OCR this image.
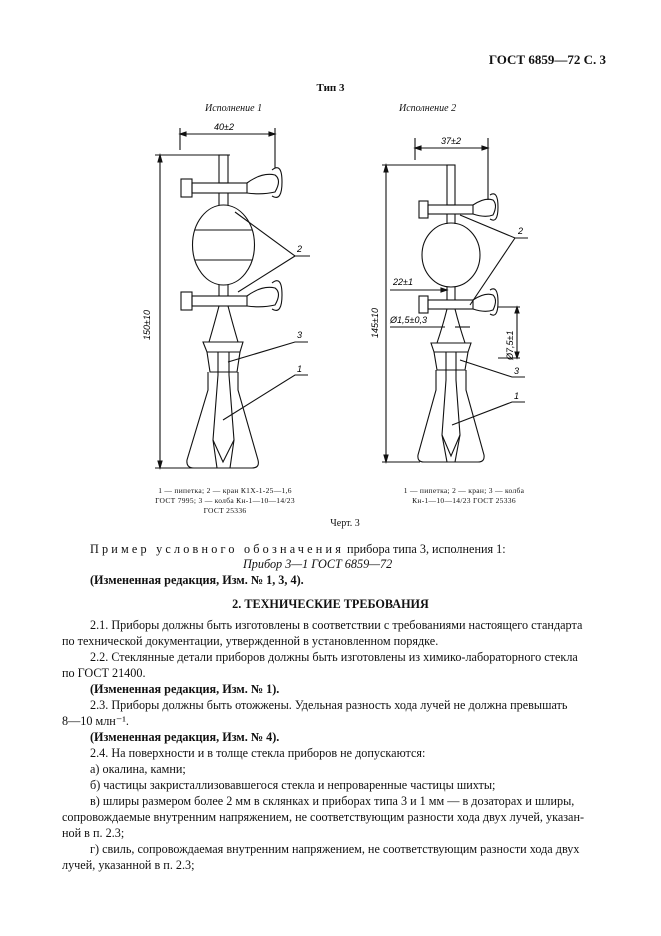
ГОСТ 6859—72 С. 3
Тип 3
Исполнение 1	Исполнение 2
40±2
150±10
2
3
1
37±2
145±10
22±1
Ø1,5±0,3
Ø7,5±1
2
3
1
1 — пипетка; 2 — кран К1Х-1-25—1,6
ГОСТ 7995; 3 — колба Кн-1—10—14/23
ГОСТ 25336
1 — пипетка; 2 — кран; 3 — колба
Кн-1—10—14/23 ГОСТ 25336
Черт. 3
Пример условного обозначения прибора типа 3, исполнения 1:
Прибор 3—1 ГОСТ 6859—72
(Измененная редакция, Изм. № 1, 3, 4).
2. ТЕХНИЧЕСКИЕ ТРЕБОВАНИЯ
2.1. Приборы должны быть изготовлены в соответствии с требованиями настоящего стандарта
по технической документации, утвержденной в установленном порядке.
2.2. Стеклянные детали приборов должны быть изготовлены из химико-лабораторного стекла
по ГОСТ 21400.
(Измененная редакция, Изм. № 1).
2.3. Приборы должны быть отожжены. Удельная разность хода лучей не должна превышать
8—10 млн⁻¹.
(Измененная редакция, Изм. № 4).
2.4. На поверхности и в толще стекла приборов не допускаются:
а) окалина, камни;
б) частицы закристаллизовавшегося стекла и непроваренные частицы шихты;
в) шлиры размером более 2 мм в склянках и приборах типа 3 и 1 мм — в дозаторах и шлиры,
сопровождаемые внутренним напряжением, не соответствующим разности хода двух лучей, указан-
ной в п. 2.3;
г) свиль, сопровождаемая внутренним напряжением, не соответствующим разности хода двух
лучей, указанной в п. 2.3;
